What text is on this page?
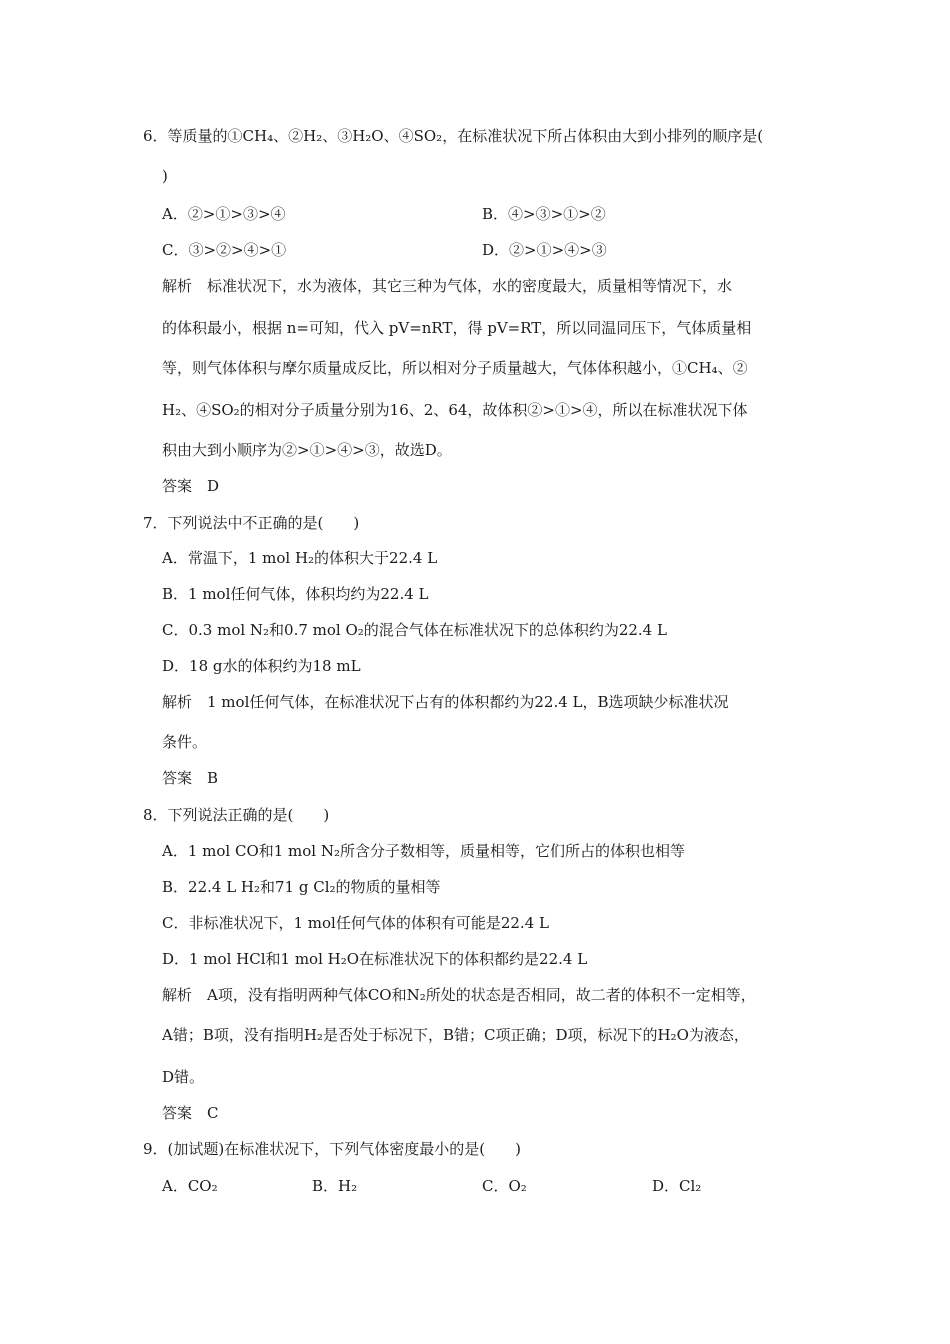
6．等质量的①CH₄、②H₂、③H₂O、④SO₂，在标准状况下所占体积由大到小排列的顺序是(
)
A．②>①>③>④	B．④>③>①>②
C．③>②>④>①	D．②>①>④>③
解析　标准状况下，水为液体，其它三种为气体，水的密度最大，质量相等情况下，水
的体积最小，根据 n=可知，代入 pV=nRT，得 pV=RT，所以同温同压下，气体质量相
等，则气体体积与摩尔质量成反比，所以相对分子质量越大，气体体积越小，①CH₄、②
H₂、④SO₂的相对分子质量分别为16、2、64，故体积②>①>④，所以在标准状况下体
积由大到小顺序为②>①>④>③，故选D。
答案　D
7．下列说法中不正确的是(　　)
A．常温下，1 mol H₂的体积大于22.4 L
B．1 mol任何气体，体积均约为22.4 L
C．0.3 mol N₂和0.7 mol O₂的混合气体在标准状况下的总体积约为22.4 L
D．18 g水的体积约为18 mL
解析　1 mol任何气体，在标准状况下占有的体积都约为22.4 L，B选项缺少标准状况
条件。
答案　B
8．下列说法正确的是(　　)
A．1 mol CO和1 mol N₂所含分子数相等，质量相等，它们所占的体积也相等
B．22.4 L H₂和71 g Cl₂的物质的量相等
C．非标准状况下，1 mol任何气体的体积有可能是22.4 L
D．1 mol HCl和1 mol H₂O在标准状况下的体积都约是22.4 L
解析　A项，没有指明两种气体CO和N₂所处的状态是否相同，故二者的体积不一定相等，
A错；B项，没有指明H₂是否处于标况下，B错；C项正确；D项，标况下的H₂O为液态，
D错。
答案　C
9．(加试题)在标准状况下，下列气体密度最小的是(　　)
A．CO₂	B．H₂	C．O₂	D．Cl₂
